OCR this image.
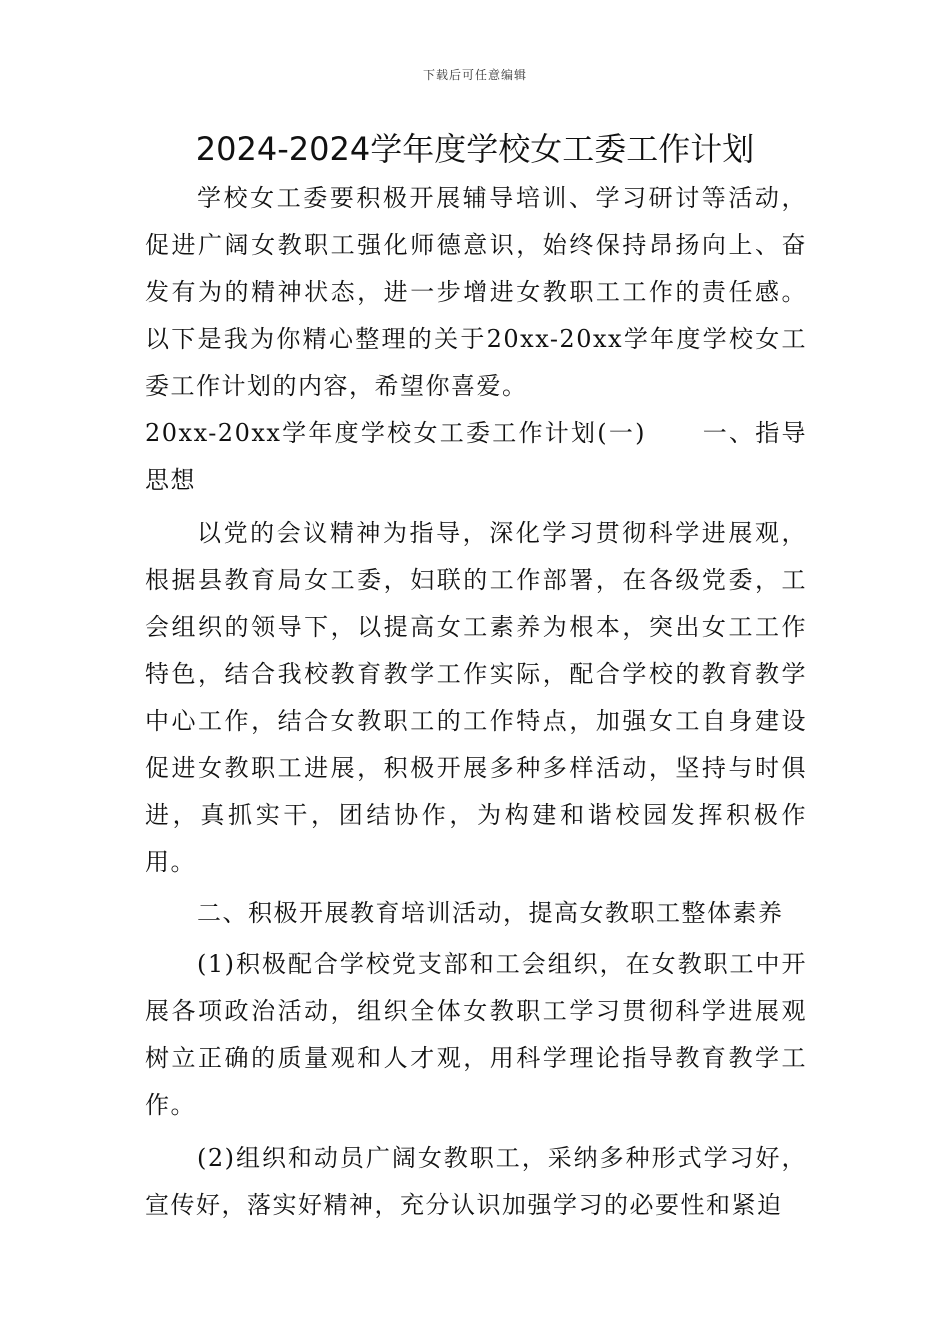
下载后可任意编辑
2024-2024学年度学校女工委工作计划

学校女工委要积极开展辅导培训、学习研讨等活动，促进广阔女教职工强化师德意识，始终保持昂扬向上、奋发有为的精神状态，进一步增进女教职工工作的责任感。以下是我为你精心整理的关于20xx-20xx学年度学校女工委工作计划的内容，希望你喜爱。

20xx-20xx学年度学校女工委工作计划(一) 一、指导思想

以党的会议精神为指导，深化学习贯彻科学进展观，根据县教育局女工委，妇联的工作部署，在各级党委，工会组织的领导下，以提高女工素养为根本，突出女工工作特色，结合我校教育教学工作实际，配合学校的教育教学中心工作，结合女教职工的工作特点，加强女工自身建设促进女教职工进展，积极开展多种多样活动，坚持与时俱进，真抓实干，团结协作，为构建和谐校园发挥积极作用。

二、积极开展教育培训活动，提高女教职工整体素养

(1)积极配合学校党支部和工会组织，在女教职工中开展各项政治活动，组织全体女教职工学习贯彻科学进展观树立正确的质量观和人才观，用科学理论指导教育教学工作。

(2)组织和动员广阔女教职工，采纳多种形式学习好，宣传好，落实好精神，充分认识加强学习的必要性和紧迫
